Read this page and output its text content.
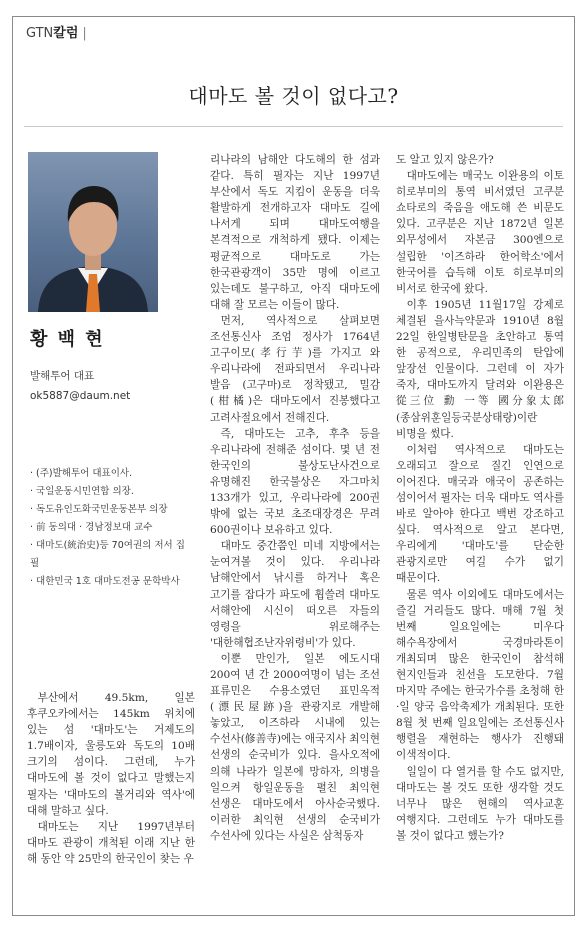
GTN칼럼 |
대마도 볼 것이 없다고?
황 백 현
발해투어 대표
ok5887@daum.net
· (주)발해투어 대표이사.
· 국일운동시민연합 의장.
· 독도유인도화국민운동본부 의장
· 前 동의대 · 경남정보대 교수
· 대마도(統治史)등 70여권의 저서 집필
· 대한민국 1호 대마도전공 문학박사

부산에서 49.5km, 일본 후쿠오카에서는 145km 위치에 있는 섬 '대마도'는 거제도의 1.7배이자, 울릉도와 독도의 10배 크기의 섬이다. 그런데, 누가 대마도에 볼 것이 없다고 말했는지 필자는 '대마도의 볼거리와 역사'에 대해 말하고 싶다.

대마도는 지난 1997년부터 대마도 관광이 개척된 이래 지난 한 해 동안 약 25만의 한국인이 찾는 우

리나라의 남해안 다도해의 한 섬과 같다. 특히 필자는 지난 1997년 부산에서 독도 지킴이 운동을 더욱 활발하게 전개하고자 대마도 길에 나서게 되며 대마도여행을 본격적으로 개척하게 됐다. 이제는 평균적으로 대마도로 가는 한국관광객이 35만 명에 이르고 있는데도 불구하고, 아직 대마도에 대해 잘 모르는 이들이 많다.

먼저, 역사적으로 살펴보면 조선통신사 조엄 정사가 1764년 고구이모(孝行芋)를 가지고 와 우리나라에 전파되면서 우리나라 발음 (고구마)로 정착됐고, 밀감(柑橘)은 대마도에서 진봉했다고 고려사절요에서 전해진다.

즉, 대마도는 고추, 후추 등을 우리나라에 전해준 섬이다. 몇 년 전 한국인의 불상도난사건으로 유명해진 한국불상은 자그마치 133개가 있고, 우리나라에 200권 밖에 없는 국보 초조대장경은 무려 600권이나 보유하고 있다.

대마도 중간쯤인 미네 지방에서는 눈여겨볼 것이 있다. 우리나라 남해안에서 낚시를 하거나 혹은 고기를 잡다가 파도에 휩쓸려 대마도 서해안에 시신이 떠오른 자들의 영령을 위로해주는 '대한해협조난자위령비'가 있다.

이뿐 만인가, 일본 에도시대 200여 년 간 2000여명이 넘는 조선 표류민은 수용소였던 표민옥적(漂民屋跡)을 관광지로 개발해 놓았고, 이즈하라 시내에 있는 수선사(修善寺)에는 애국지사 최익현 선생의 순국비가 있다. 을사오적에 의해 나라가 일본에 망하자, 의병을 일으켜 항일운동을 펼친 최익현 선생은 대마도에서 아사순국했다. 이러한 최익현 선생의 순국비가 수선사에 있다는 사실은 삼척동자

도 알고 있지 않은가?

대마도에는 매국노 이완용의 이토 히로부미의 통역 비서였던 고쿠분 쇼타로의 죽음을 애도해 쓴 비문도 있다. 고쿠분은 지난 1872년 일본 외무성에서 자본금 300엔으로 설립한 '이즈하라 한어학소'에서 한국어를 습득해 이토 히로부미의 비서로 한국에 왔다.

이후 1905년 11월17일 강제로 체결된 을사늑약문과 1910년 8월 22일 한일병탄문을 초안하고 통역 한 공적으로, 우리민족의 탄압에 앞장선 인물이다. 그런데 이 자가 죽자, 대마도까지 달려와 이완용은 從三位 勳 一等 國分象太郎(종삼위훈일등국분상태랑)이란 비명을 썼다.

이처럼 역사적으로 대마도는 오래되고 잘으로 질긴 인연으로 이어진다. 매국과 애국이 공존하는 섬이어서 필자는 더욱 대마도 역사를 바로 알아야 한다고 백번 강조하고 싶다. 역사적으로 알고 본다면, 우리에게 '대마도'를 단순한 관광지로만 여길 수가 없기 때문이다.

물론 역사 이외에도 대마도에서는 즐길 거리들도 많다. 매해 7월 첫 번째 일요일에는 미우다 해수욕장에서 국경마라톤이 개최되며 많은 한국인이 참석해 현지인들과 친선을 도모한다. 7월 마지막 주에는 한국가수를 초청해 한·일 양국 음악축제가 개최된다. 또한 8월 첫 번째 일요일에는 조선통신사 행렬을 재현하는 행사가 진행돼 이색적이다.

일일이 다 열거를 할 수도 없지만, 대마도는 볼 것도 또한 생각할 것도 너무나 많은 현해의 역사교훈 여행지다. 그런데도 누가 대마도를 볼 것이 없다고 했는가?
